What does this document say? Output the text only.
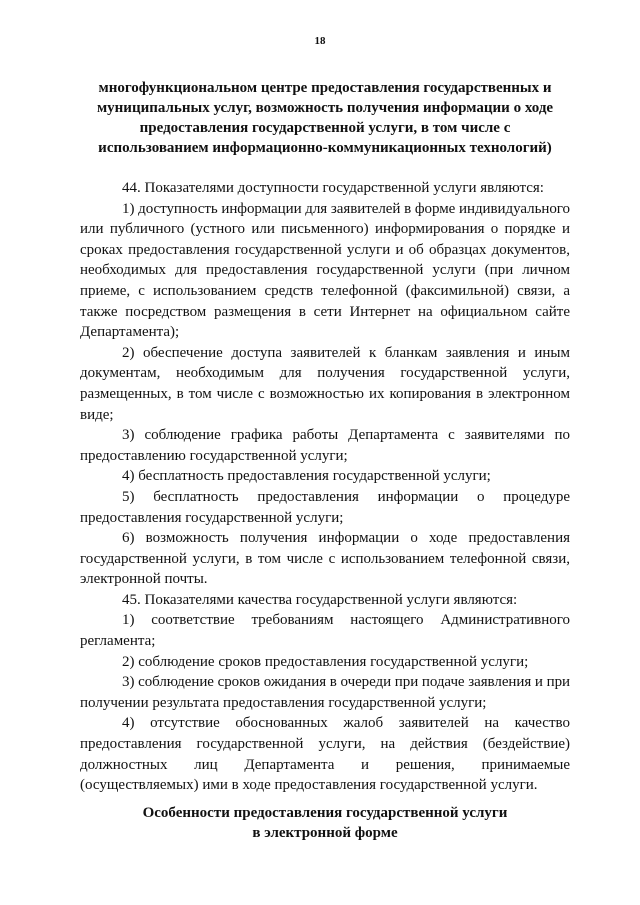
18
многофункциональном центре предоставления государственных и
муниципальных услуг, возможность получения информации о ходе
предоставления государственной услуги, в том числе с
использованием информационно-коммуникационных технологий)
44. Показателями доступности государственной услуги являются:
1) доступность информации для заявителей в форме индивидуального
или публичного (устного или письменного) информирования о порядке и
сроках предоставления государственной услуги и об образцах документов,
необходимых для предоставления государственной услуги (при личном
приеме, с использованием средств телефонной (факсимильной) связи, а
также посредством размещения в сети Интернет на официальном сайте
Департамента);
2) обеспечение доступа заявителей к бланкам заявления и иным
документам, необходимым для получения государственной услуги,
размещенных, в том числе с возможностью их копирования в электронном
виде;
3) соблюдение графика работы Департамента с заявителями по
предоставлению государственной услуги;
4) бесплатность предоставления государственной услуги;
5) бесплатность предоставления информации о процедуре
предоставления государственной услуги;
6) возможность получения информации о ходе предоставления
государственной услуги, в том числе с использованием телефонной связи,
электронной почты.
45. Показателями качества государственной услуги являются:
1) соответствие требованиям настоящего Административного
регламента;
2) соблюдение сроков предоставления государственной услуги;
3) соблюдение сроков ожидания в очереди при подаче заявления и при
получении результата предоставления государственной услуги;
4) отсутствие обоснованных жалоб заявителей на качество
предоставления государственной услуги, на действия (бездействие)
должностных лиц Департамента и решения, принимаемые
(осуществляемых) ими в ходе предоставления государственной услуги.
Особенности предоставления государственной услуги
в электронной форме
